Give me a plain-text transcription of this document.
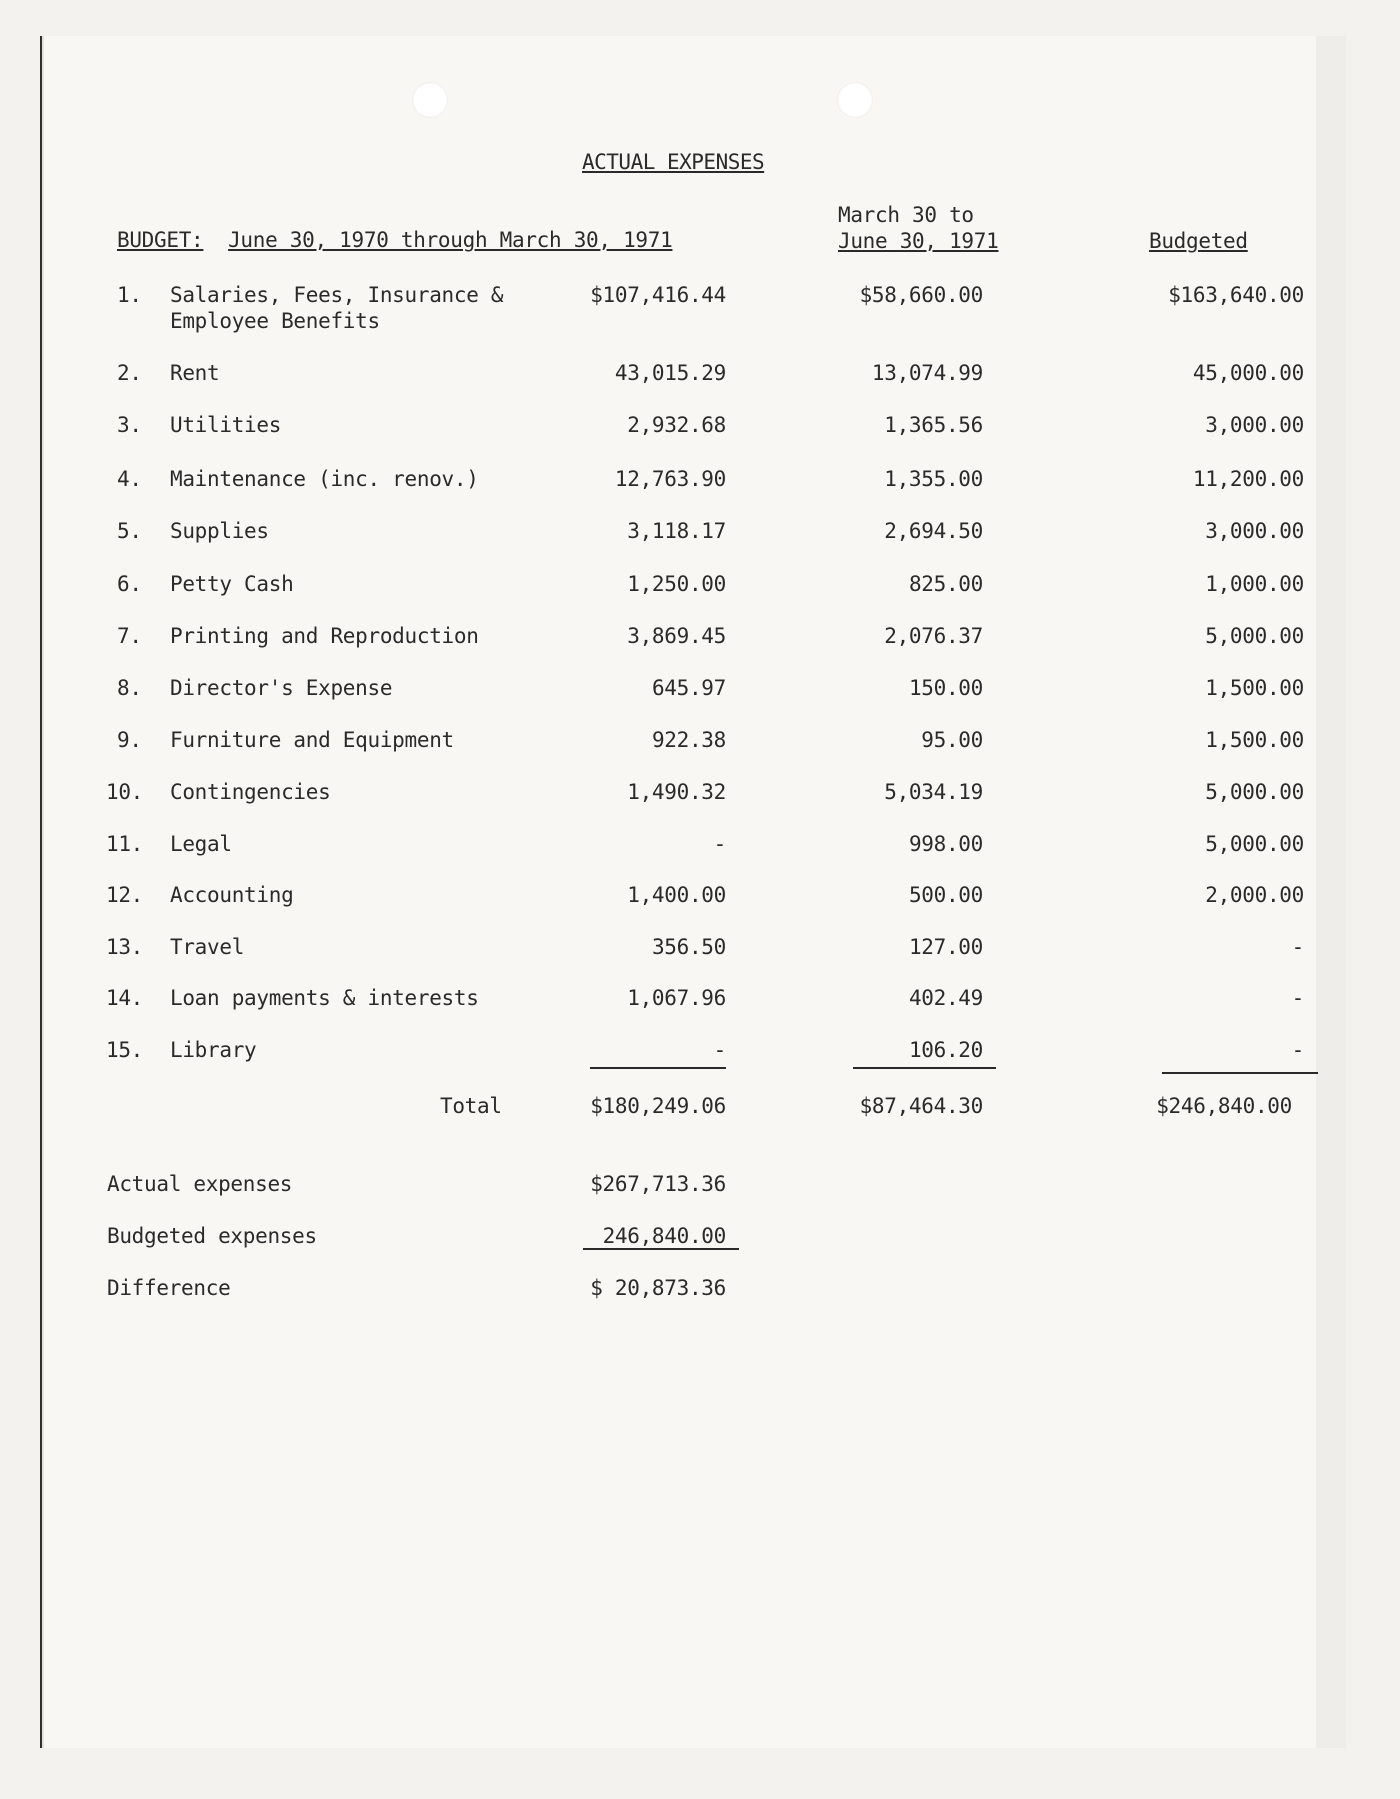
ACTUAL EXPENSES
BUDGET: June 30, 1970 through March 30, 1971
March 30 to
June 30, 1971	Budgeted
1. Salaries, Fees, Insurance &
Employee Benefits
$107,416.44	$58,660.00	$163,640.00
2. Rent	43,015.29	13,074.99	45,000.00
3. Utilities	2,932.68	1,365.56	3,000.00
4. Maintenance (inc. renov.)	12,763.90	1,355.00	11,200.00
5. Supplies	3,118.17	2,694.50	3,000.00
6. Petty Cash	1,250.00	825.00	1,000.00
7. Printing and Reproduction	3,869.45	2,076.37	5,000.00
8. Director's Expense	645.97	150.00	1,500.00
9. Furniture and Equipment	922.38	95.00	1,500.00
10. Contingencies	1,490.32	5,034.19	5,000.00
11. Legal	-	998.00	5,000.00
12. Accounting	1,400.00	500.00	2,000.00
13. Travel	356.50	127.00	-
14. Loan payments & interests	1,067.96	402.49	-
15. Library	-	106.20	-
Total	$180,249.06	$87,464.30	$246,840.00
Actual expenses	$267,713.36
Budgeted expenses	246,840.00
Difference	$ 20,873.36
